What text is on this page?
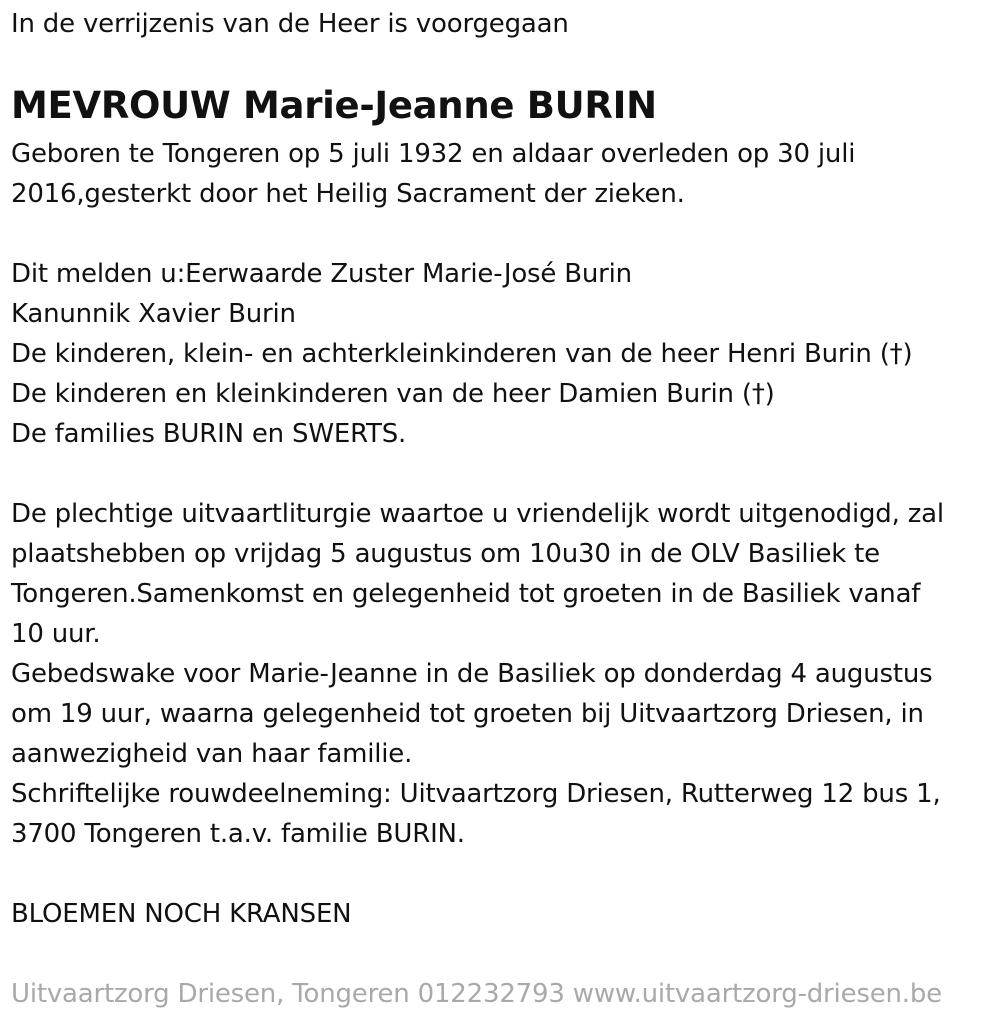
In de verrijzenis van de Heer is voorgegaan
MEVROUW Marie-Jeanne BURIN
Geboren te Tongeren op 5 juli 1932 en aldaar overleden op 30 juli
2016,gesterkt door het Heilig Sacrament der zieken.
Dit melden u:Eerwaarde Zuster Marie-José Burin
Kanunnik Xavier Burin
De kinderen, klein- en achterkleinkinderen van de heer Henri Burin (†)
De kinderen en kleinkinderen van de heer Damien Burin (†)
De families BURIN en SWERTS.
De plechtige uitvaartliturgie waartoe u vriendelijk wordt uitgenodigd, zal
plaatshebben op vrijdag 5 augustus om 10u30 in de OLV Basiliek te
Tongeren.Samenkomst en gelegenheid tot groeten in de Basiliek vanaf
10 uur.
Gebedswake voor Marie-Jeanne in de Basiliek op donderdag 4 augustus
om 19 uur, waarna gelegenheid tot groeten bij Uitvaartzorg Driesen, in
aanwezigheid van haar familie.
Schriftelijke rouwdeelneming: Uitvaartzorg Driesen, Rutterweg 12 bus 1,
3700 Tongeren t.a.v. familie BURIN.
BLOEMEN NOCH KRANSEN
Uitvaartzorg Driesen, Tongeren 012232793 www.uitvaartzorg-driesen.be
